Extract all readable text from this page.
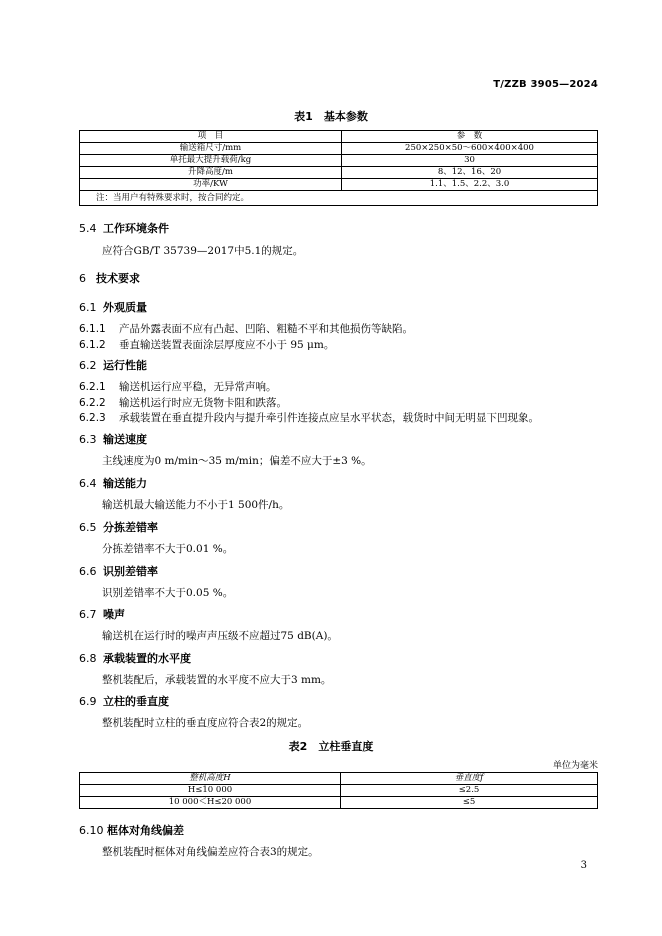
T/ZZB 3905—2024
表1　基本参数
项　目	参　数
输送箱尺寸/mm	250×250×50～600×400×400
单托最大提升载荷/kg	30
升降高度/m	8、12、16、20
功率/KW	1.1、1.5、2.2、3.0
注：当用户有特殊要求时，按合同约定。	
5.4 工作环境条件
应符合GB/T 35739—2017中5.1的规定。
6 技术要求
6.1 外观质量
6.1.1 产品外露表面不应有凸起、凹陷、粗糙不平和其他损伤等缺陷。
6.1.2 垂直输送装置表面涂层厚度应不小于 95 μm。
6.2 运行性能
6.2.1 输送机运行应平稳，无异常声响。
6.2.2 输送机运行时应无货物卡阻和跌落。
6.2.3 承载装置在垂直提升段内与提升牵引件连接点应呈水平状态，载货时中间无明显下凹现象。
6.3 输送速度
主线速度为0 m/min～35 m/min；偏差不应大于±3 %。
6.4 输送能力
输送机最大输送能力不小于1 500件/h。
6.5 分拣差错率
分拣差错率不大于0.01 %。
6.6 识别差错率
识别差错率不大于0.05 %。
6.7 噪声
输送机在运行时的噪声声压级不应超过75 dB(A)。
6.8 承载装置的水平度
整机装配后，承载装置的水平度不应大于3 mm。
6.9 立柱的垂直度
整机装配时立柱的垂直度应符合表2的规定。
表2　立柱垂直度
单位为毫米
整机高度H	垂直度f
H≤10 000	≤2.5
10 000＜H≤20 000	≤5
6.10 框体对角线偏差
整机装配时框体对角线偏差应符合表3的规定。
3
